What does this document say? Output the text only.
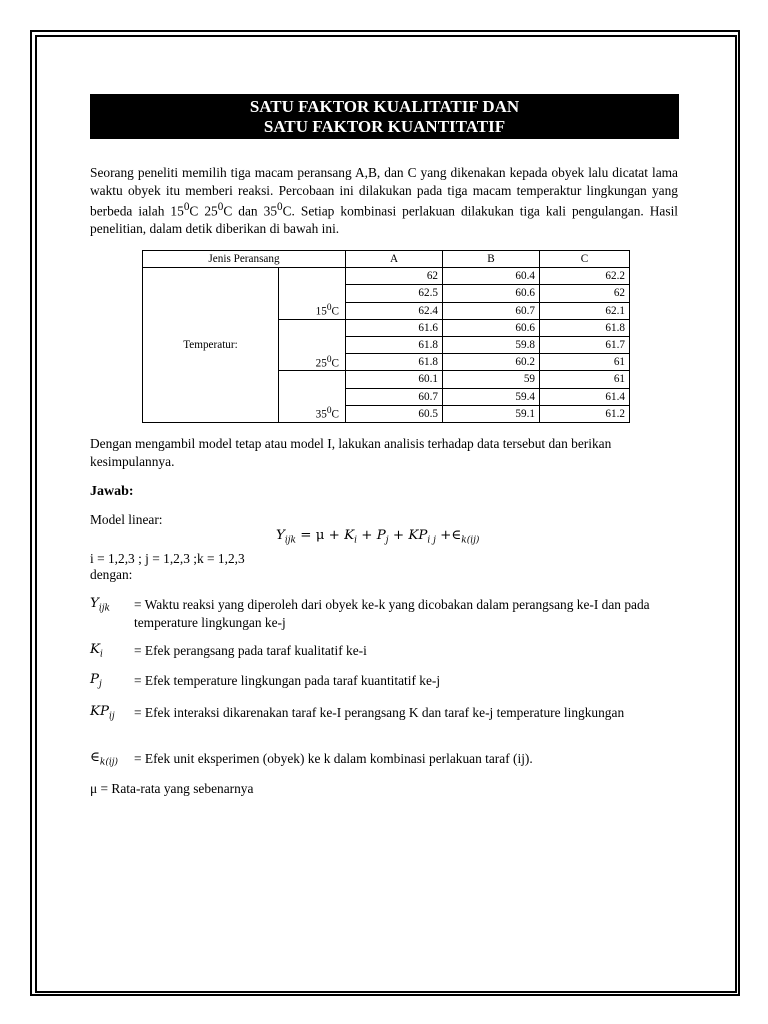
SATU FAKTOR KUALITATIF DAN
SATU FAKTOR KUANTITATIF

Seorang peneliti memilih tiga macam peransang A,B, dan C yang dikenakan kepada obyek lalu dicatat lama waktu obyek itu memberi reaksi. Percobaan ini dilakukan pada tiga macam temperaktur lingkungan yang berbeda ialah $15^0C$ $25^0C$ dan $35^0C$. Setiap kombinasi perlakuan dilakukan tiga kali pengulangan. Hasil penelitian, dalam detik diberikan di bawah ini.

Jenis Peransang		A	B	C
Temperatur:	$15^0C$	62	60.4	62.2
		62.5	60.6	62
		62.4	60.7	62.1
	$25^0C$	61.6	60.6	61.8
		61.8	59.8	61.7
		61.8	60.2	61
	$35^0C$	60.1	59	61
		60.7	59.4	61.4
		60.5	59.1	61.2

Dengan mengambil model tetap atau model I, lakukan analisis terhadap data tersebut dan berikan kesimpulannya.

Jawab:
Model linear:
$Y_{ijk} = \mu + K_i + P_j + KP_{i j}$ $+\in_{k(ij)}$
i = 1,2,3 ; j = 1,2,3 ;k = 1,2,3
dengan:
$Y_{ijk}$ = Waktu reaksi yang diperoleh dari obyek ke-k yang dicobakan dalam perangsang ke-I dan pada temperature lingkungan ke-j
$K_i$ = Efek perangsang pada taraf kualitatif ke-i
$P_j$ = Efek temperature lingkungan pada taraf kuantitatif ke-j
$KP_{ij}$ = Efek interaksi dikarenakan taraf ke-I perangsang K dan taraf ke-j temperature lingkungan
$\in_{k(ij)}$ = Efek unit eksperimen (obyek) ke k dalam kombinasi perlakuan taraf (ij).
μ = Rata-rata yang sebenarnya
